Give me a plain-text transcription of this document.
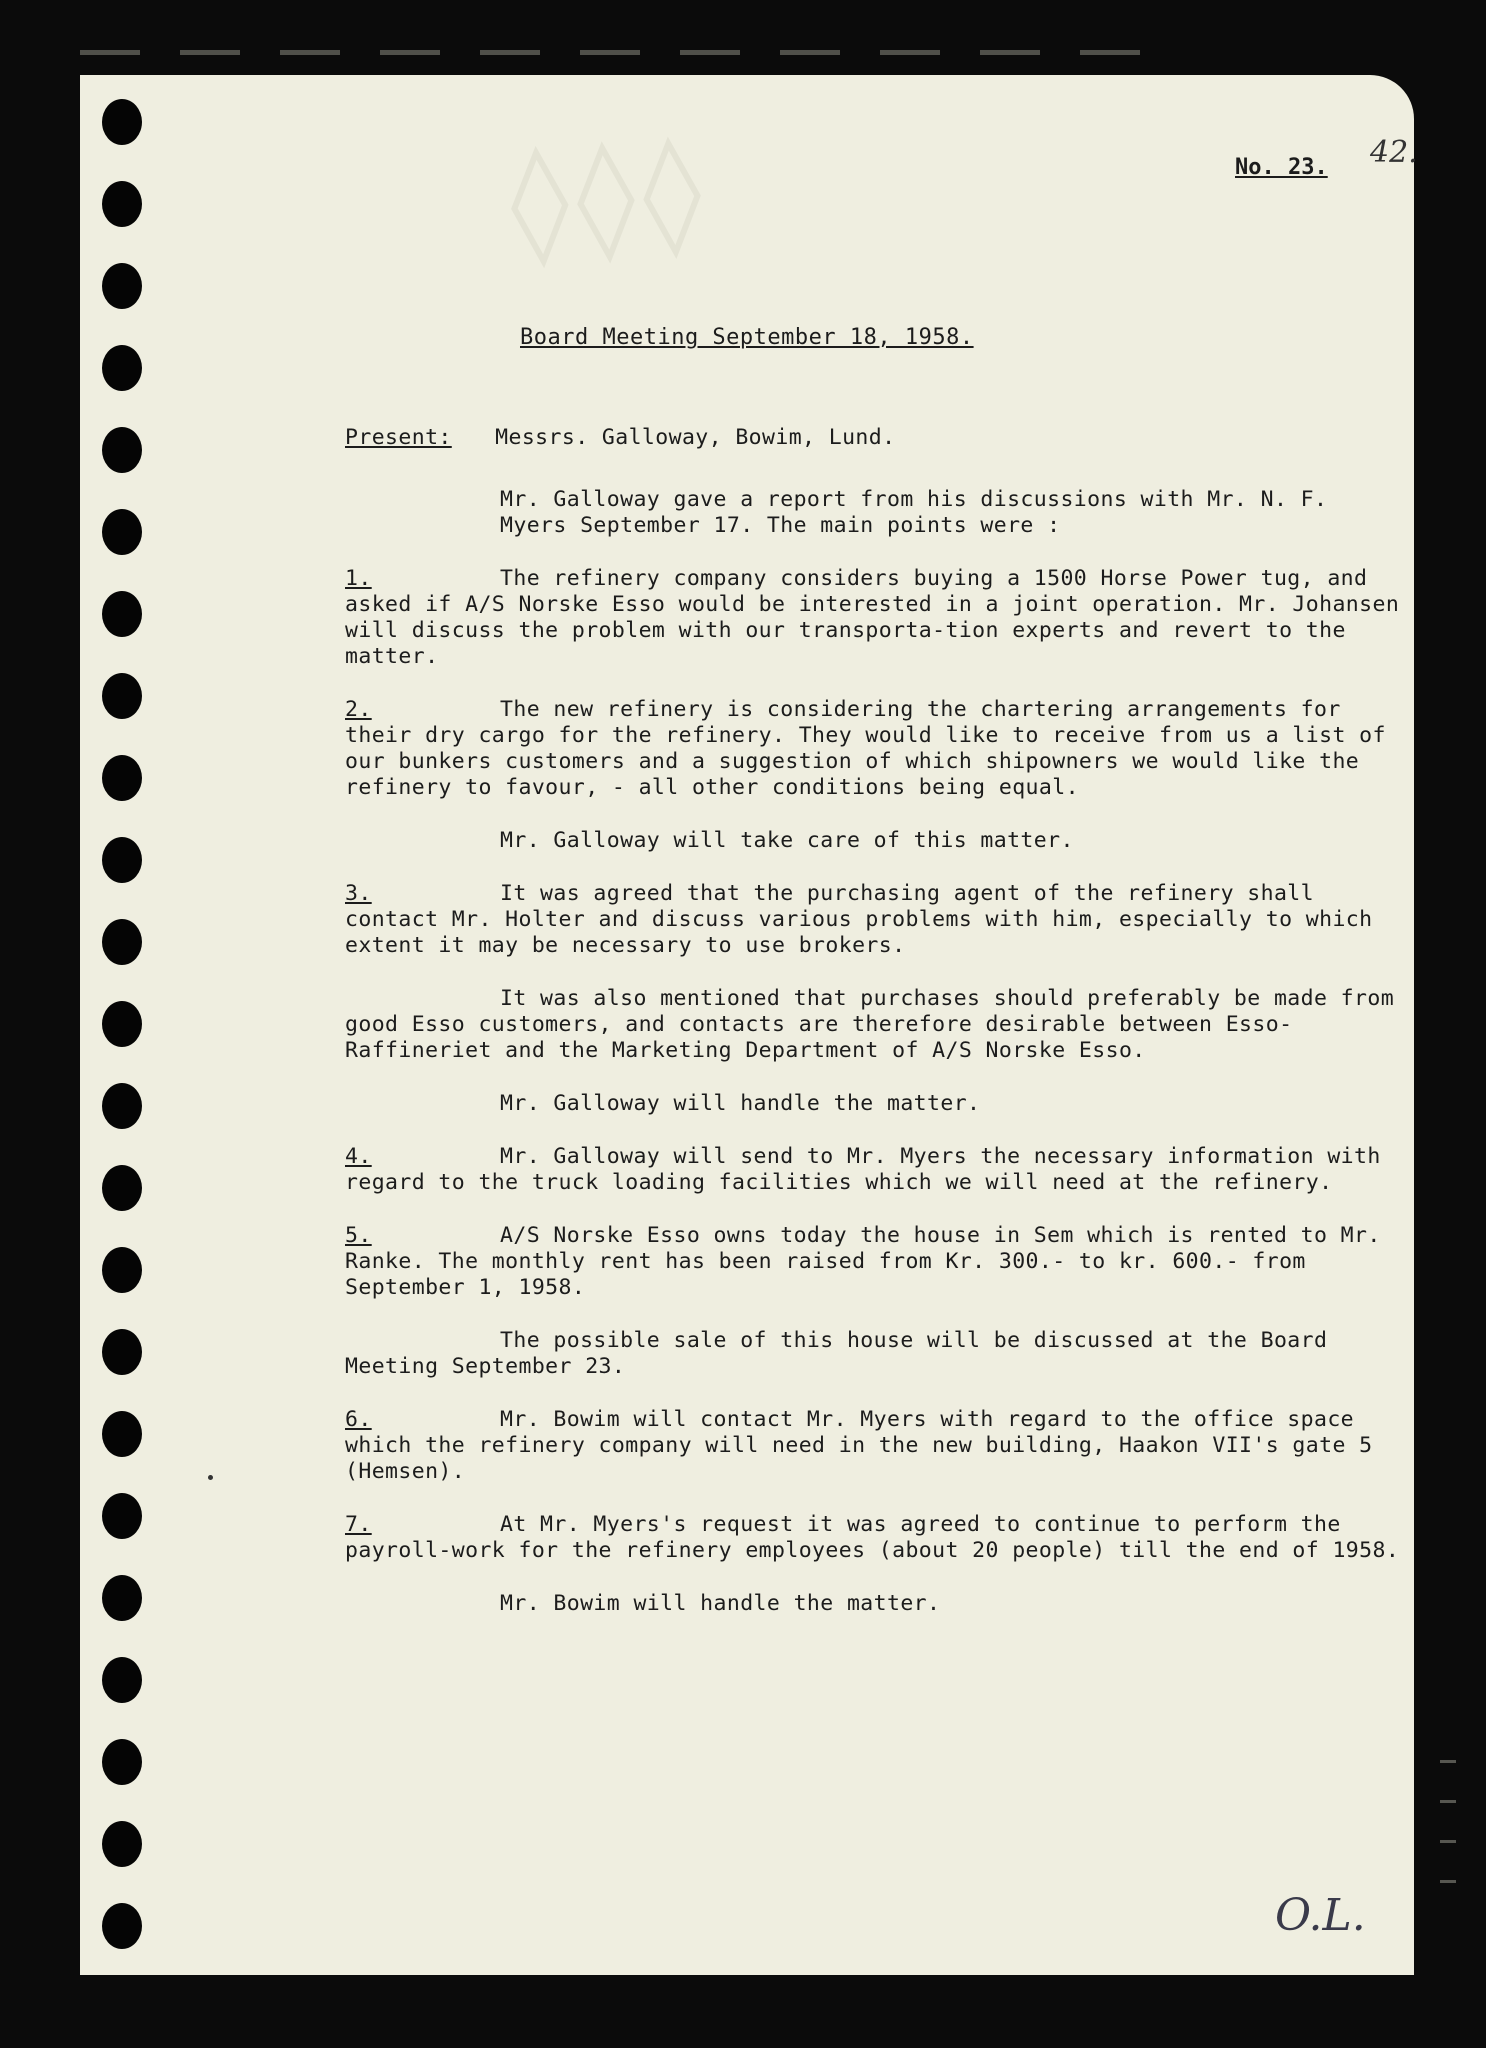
◊◊◊	No. 23. 42.
Board Meeting September 18, 1958.
Present: Messrs. Galloway, Bowim, Lund.
Mr. Galloway gave a report from his discussions with Mr. N. F. Myers September 17. The main points were :
1.	The refinery company considers buying a 1500 Horse Power tug, and asked if A/S Norske Esso would be interested in a joint operation. Mr. Johansen will discuss the problem with our transporta-tion experts and revert to the matter.
2.	The new refinery is considering the chartering arrangements for their dry cargo for the refinery. They would like to receive from us a list of our bunkers customers and a suggestion of which shipowners we would like the refinery to favour, - all other conditions being equal.
Mr. Galloway will take care of this matter.
3.	It was agreed that the purchasing agent of the refinery shall contact Mr. Holter and discuss various problems with him, especially to which extent it may be necessary to use brokers.
It was also mentioned that purchases should preferably be made from good Esso customers, and contacts are therefore desirable between Esso-Raffineriet and the Marketing Department of A/S Norske Esso.
Mr. Galloway will handle the matter.
4.	Mr. Galloway will send to Mr. Myers the necessary information with regard to the truck loading facilities which we will need at the refinery.
5.	A/S Norske Esso owns today the house in Sem which is rented to Mr. Ranke. The monthly rent has been raised from Kr. 300.- to kr. 600.- from September 1, 1958.
The possible sale of this house will be discussed at the Board Meeting September 23.
6.	Mr. Bowim will contact Mr. Myers with regard to the office space which the refinery company will need in the new building, Haakon VII's gate 5 (Hemsen).
7.	At Mr. Myers's request it was agreed to continue to perform the payroll-work for the refinery employees (about 20 people) till the end of 1958.
Mr. Bowim will handle the matter.
O.L.
